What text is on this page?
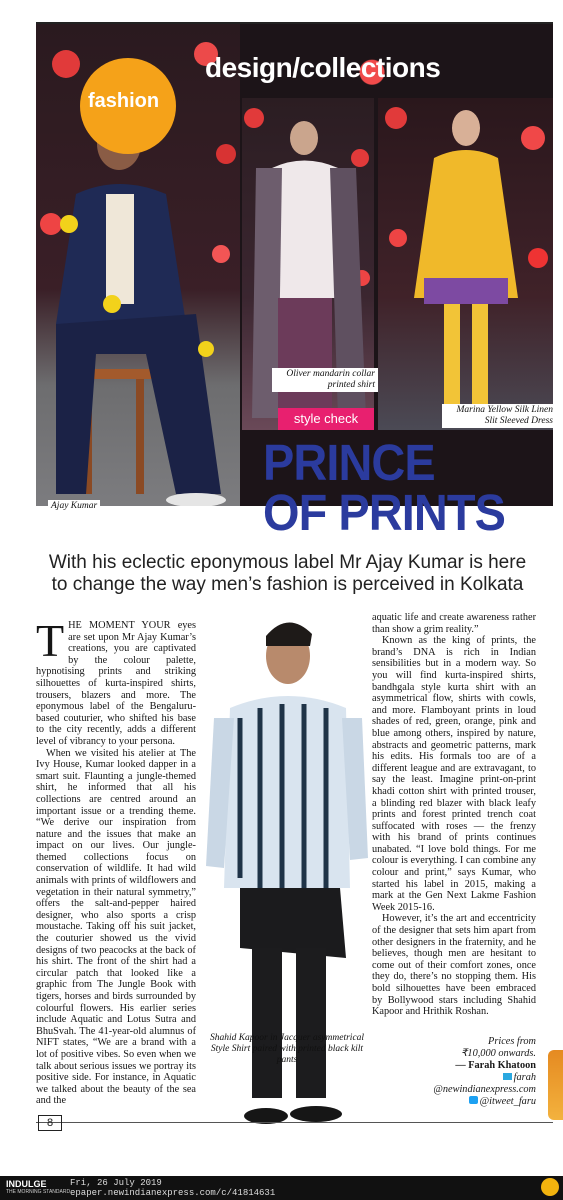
fashion
design/collections
Oliver mandarin collar printed shirt
style check
Marina Yellow Silk Linen Slit Sleeved Dress
Ajay Kumar
PRINCE
OF PRINTS
With his eclectic eponymous label Mr Ajay Kumar is here to change the way men’s fashion is perceived in Kolkata

THE MOMENT YOUR eyes are set upon Mr Ajay Kumar’s creations, you are captivated by the colour palette, hypnotising prints and striking silhouettes of kurta-inspired shirts, trousers, blazers and more. The eponymous label of the Bengaluru-based couturier, who shifted his base to the city recently, adds a different level of vibrancy to your persona.

When we visited his atelier at The Ivy House, Kumar looked dapper in a smart suit. Flaunting a jungle-themed shirt, he informed that all his collections are centred around an important issue or a trending theme. “We derive our inspiration from nature and the issues that make an impact on our lives. Our jungle-themed collections focus on conservation of wildlife. It had wild animals with prints of wildflowers and vegetation in their natural symmetry,” offers the salt-and-pepper haired designer, who also sports a crisp moustache. Taking off his suit jacket, the couturier showed us the vivid designs of two peacocks at the back of his shirt. The front of the shirt had a circular patch that looked like a graphic from The Jungle Book with tigers, horses and birds surrounded by colourful flowers. His earlier series include Aquatic and Lotus Sutra and BhuSvah. The 41-year-old alumnus of NIFT states, “We are a brand with a lot of positive vibes. So even when we talk about serious issues we portray its positive side. For instance, in Aquatic we talked about the beauty of the sea and the

Shahid Kapoor in Jacquer asymmetrical Style Shirt paired with printed black kilt pants

aquatic life and create awareness rather than show a grim reality.”

Known as the king of prints, the brand’s DNA is rich in Indian sensibilities but in a modern way. So you will find kurta-inspired shirts, bandhgala style kurta shirt with an asymmetrical flow, shirts with cowls, and more. Flamboyant prints in loud shades of red, green, orange, pink and blue among others, inspired by nature, abstracts and geometric patterns, mark his edits. His formals too are of a different league and are extravagant, to say the least. Imagine print-on-print khadi cotton shirt with printed trouser, a blinding red blazer with black leafy prints and forest printed trench coat suffocated with roses — the frenzy with his brand of prints continues unabated. “I love bold things. For me colour is everything. I can combine any colour and print,” says Kumar, who started his label in 2015, making a mark at the Gen Next Lakme Fashion Week 2015-16.

However, it’s the art and eccentricity of the designer that sets him apart from other designers in the fraternity, and he believes, though men are hesitant to come out of their comfort zones, once they do, there’s no stopping them. His bold silhouettes have been embraced by Bollywood stars including Shahid Kapoor and Hrithik Roshan.

Prices from
₹10,000 onwards.
— Farah Khatoon
farah
@newindianexpress.com
@itweet_faru
8
INDULGE
THE MORNING STANDARD
Fri, 26 July 2019
epaper.newindianexpress.com/c/41814631
